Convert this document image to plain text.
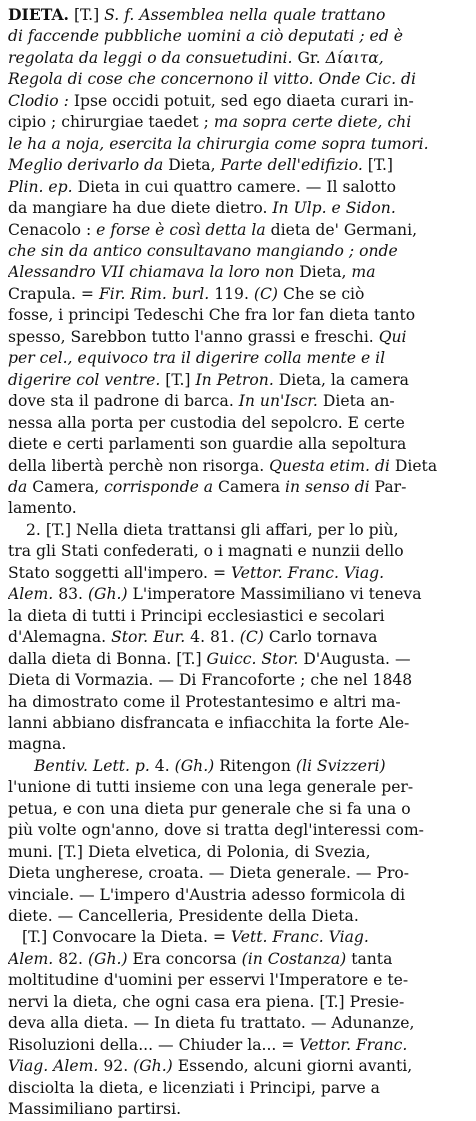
DIETA. [T.] S. f. Assemblea nella quale trattano
di faccende pubbliche uomini a ciò deputati ; ed è
regolata da leggi o da consuetudini. Gr. Δίαιτα,
Regola di cose che concernono il vitto. Onde Cic. di
Clodio : Ipse occidi potuit, sed ego diaeta curari in-
cipio ; chirurgiae taedet ; ma sopra certe diete, chi
le ha a noja, esercita la chirurgia come sopra tumori.
Meglio derivarlo da Dieta, Parte dell'edifizio. [T.]
Plin. ep. Dieta in cui quattro camere. — Il salotto
da mangiare ha due diete dietro. In Ulp. e Sidon.
Cenacolo : e forse è così detta la dieta de' Germani,
che sin da antico consultavano mangiando ; onde
Alessandro VII chiamava la loro non Dieta, ma
Crapula. = Fir. Rim. burl. 119. (C) Che se ciò
fosse, i principi Tedeschi Che fra lor fan dieta tanto
spesso, Sarebbon tutto l'anno grassi e freschi. Qui
per cel., equivoco tra il digerire colla mente e il
digerire col ventre. [T.] In Petron. Dieta, la camera
dove sta il padrone di barca. In un'Iscr. Dieta an-
nessa alla porta per custodia del sepolcro. E certe
diete e certi parlamenti son guardie alla sepoltura
della libertà perchè non risorga. Questa etim. di Dieta
da Camera, corrisponde a Camera in senso di Par-
lamento.
2. [T.] Nella dieta trattansi gli affari, per lo più,
tra gli Stati confederati, o i magnati e nunzii dello
Stato soggetti all'impero. = Vettor. Franc. Viag.
Alem. 83. (Gh.) L'imperatore Massimiliano vi teneva
la dieta di tutti i Principi ecclesiastici e secolari
d'Alemagna. Stor. Eur. 4. 81. (C) Carlo tornava
dalla dieta di Bonna. [T.] Guicc. Stor. D'Augusta. —
Dieta di Vormazia. — Di Francoforte ; che nel 1848
ha dimostrato come il Protestantesimo e altri ma-
lanni abbiano disfrancata e infiacchita la forte Ale-
magna.
Bentiv. Lett. p. 4. (Gh.) Ritengon (li Svizzeri)
l'unione di tutti insieme con una lega generale per-
petua, e con una dieta pur generale che si fa una o
più volte ogn'anno, dove si tratta degl'interessi com-
muni. [T.] Dieta elvetica, di Polonia, di Svezia,
Dieta ungherese, croata. — Dieta generale. — Pro-
vinciale. — L'impero d'Austria adesso formicola di
diete. — Cancelleria, Presidente della Dieta.
[T.] Convocare la Dieta. = Vett. Franc. Viag.
Alem. 82. (Gh.) Era concorsa (in Costanza) tanta
moltitudine d'uomini per esservi l'Imperatore e te-
nervi la dieta, che ogni casa era piena. [T.] Presie-
deva alla dieta. — In dieta fu trattato. — Adunanze,
Risoluzioni della... — Chiuder la... = Vettor. Franc.
Viag. Alem. 92. (Gh.) Essendo, alcuni giorni avanti,
disciolta la dieta, e licenziati i Principi, parve a
Massimiliano partirsi.
